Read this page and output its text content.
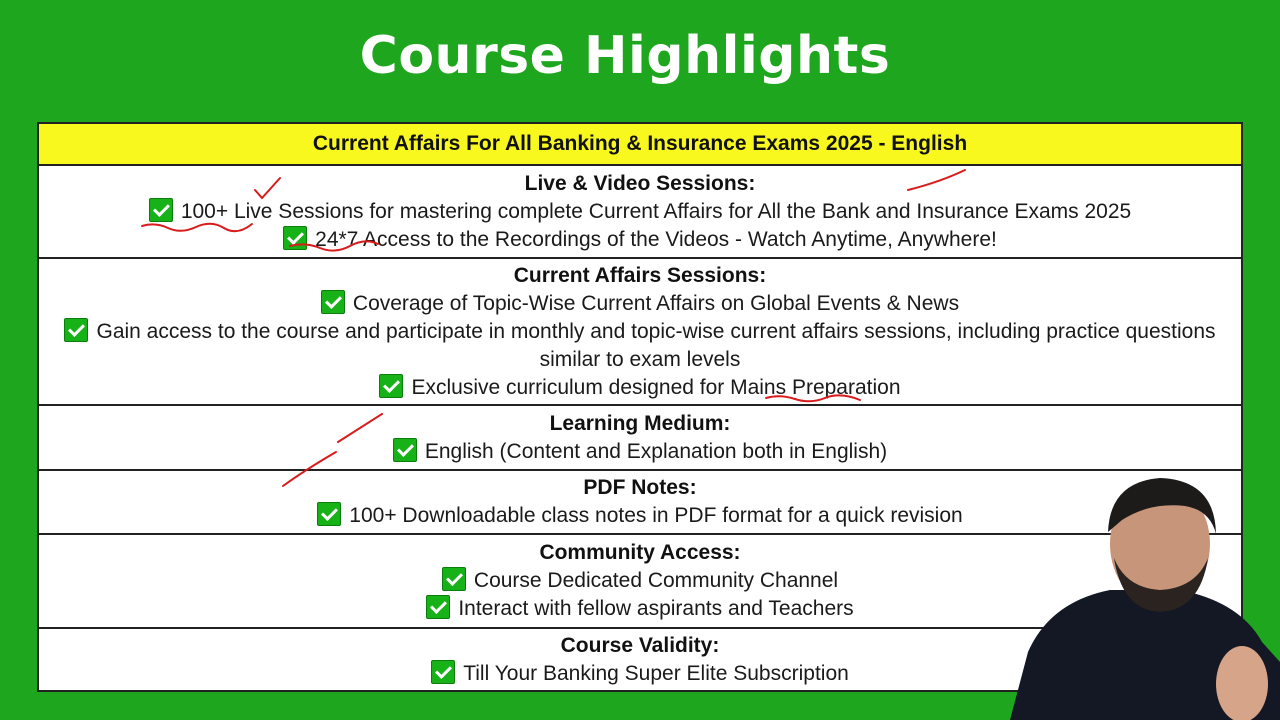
Course Highlights
Current Affairs For All Banking & Insurance Exams 2025 - English
Live & Video Sessions:
100+ Live Sessions for mastering complete Current Affairs for All the Bank and Insurance Exams 2025
24*7 Access to the Recordings of the Videos - Watch Anytime, Anywhere!
Current Affairs Sessions:
Coverage of Topic-Wise Current Affairs on Global Events & News
Gain access to the course and participate in monthly and topic-wise current affairs sessions, including practice questions similar to exam levels
Exclusive curriculum designed for Mains Preparation
Learning Medium:
English (Content and Explanation both in English)
PDF Notes:
100+ Downloadable class notes in PDF format for a quick revision
Community Access:
Course Dedicated Community Channel
Interact with fellow aspirants and Teachers
Course Validity:
Till Your Banking Super Elite Subscription
